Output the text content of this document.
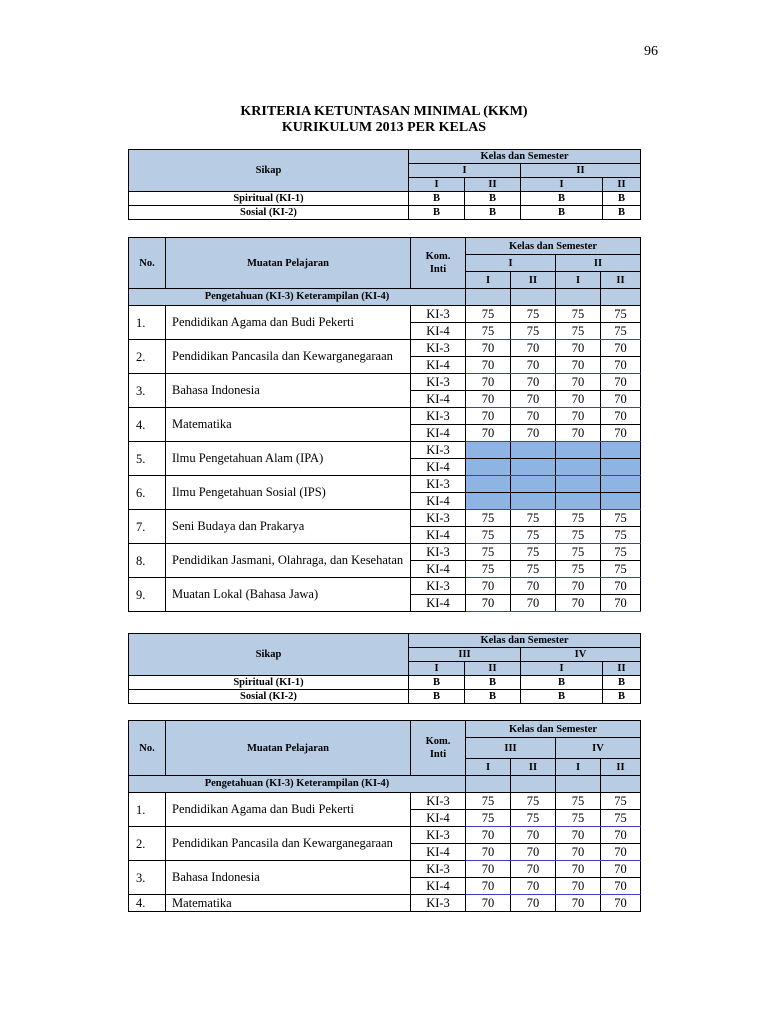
96
KRITERIA KETUNTASAN MINIMAL (KKM)
KURIKULUM 2013 PER KELAS
Sikap	Kelas dan Semester			
	I		II	
	I	II	I	II
Spiritual (KI-1)	B	B	B	B
Sosial (KI-2)	B	B	B	B
No.	Muatan Pelajaran	Kom.
Inti	Kelas dan Semester			
			I		II	
			I	II	I	II
Pengetahuan (KI-3) Keterampilan (KI-4)						
1.	Pendidikan Agama dan Budi Pekerti	KI-3	75	75	75	75
		KI-4	75	75	75	75
2.	Pendidikan Pancasila dan Kewarganegaraan	KI-3	70	70	70	70
		KI-4	70	70	70	70
3.	Bahasa Indonesia	KI-3	70	70	70	70
		KI-4	70	70	70	70
4.	Matematika	KI-3	70	70	70	70
		KI-4	70	70	70	70
5.	Ilmu Pengetahuan Alam (IPA)	KI-3				
		KI-4				
6.	Ilmu Pengetahuan Sosial (IPS)	KI-3				
		KI-4				
7.	Seni Budaya dan Prakarya	KI-3	75	75	75	75
		KI-4	75	75	75	75
8.	Pendidikan Jasmani, Olahraga, dan Kesehatan	KI-3	75	75	75	75
		KI-4	75	75	75	75
9.	Muatan Lokal (Bahasa Jawa)	KI-3	70	70	70	70
		KI-4	70	70	70	70
Sikap	Kelas dan Semester			
	III		IV	
	I	II	I	II
Spiritual (KI-1)	B	B	B	B
Sosial (KI-2)	B	B	B	B
No.	Muatan Pelajaran	Kom.
Inti	Kelas dan Semester			
			III		IV	
			I	II	I	II
Pengetahuan (KI-3) Keterampilan (KI-4)						
1.	Pendidikan Agama dan Budi Pekerti	KI-3	75	75	75	75
		KI-4	75	75	75	75
2.	Pendidikan Pancasila dan Kewarganegaraan	KI-3	70	70	70	70
		KI-4	70	70	70	70
3.	Bahasa Indonesia	KI-3	70	70	70	70
		KI-4	70	70	70	70
4.	Matematika	KI-3	70	70	70	70
